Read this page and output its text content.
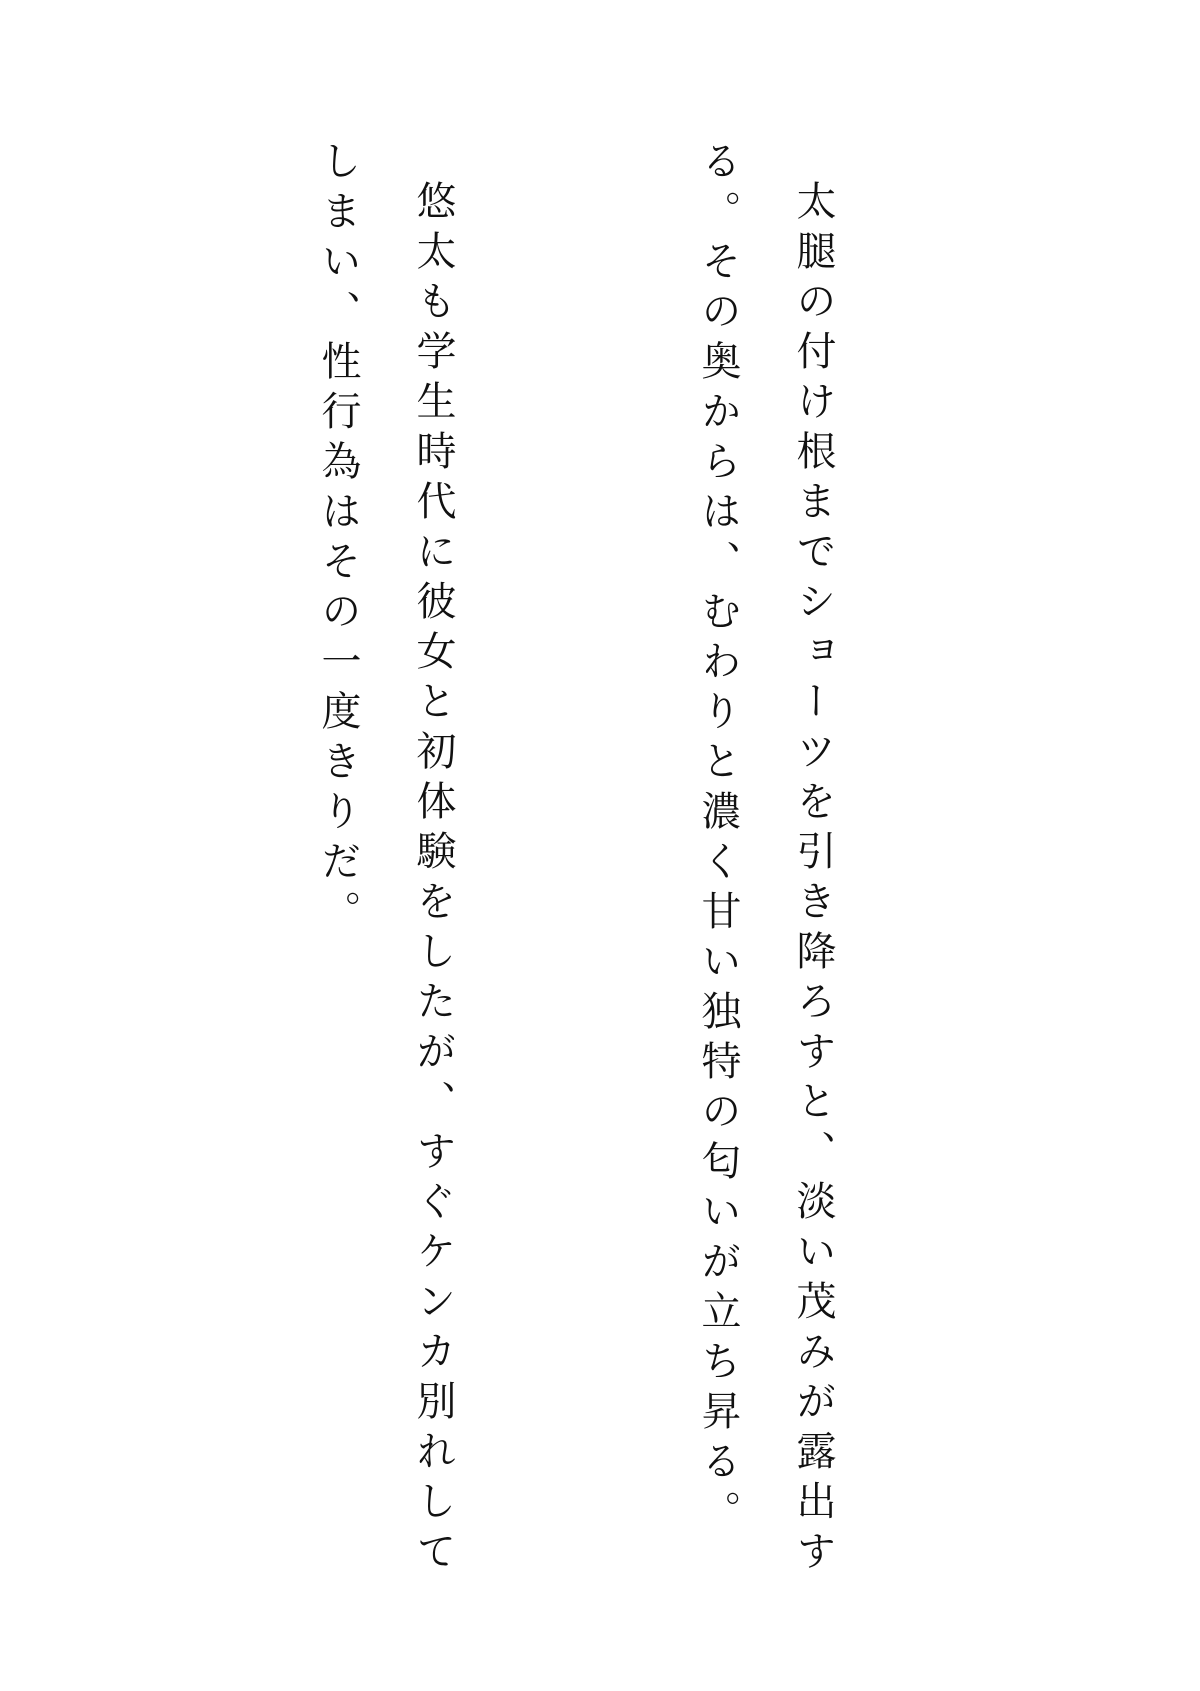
太腿の付け根までショーツを引き降ろすと、淡い茂みが露出する。その奥からは、むわりと濃く甘い独特の匂いが立ち昇る。

悠太も学生時代に彼女と初体験をしたが、すぐケンカ別れしてしまい、性行為はその一度きりだ。
